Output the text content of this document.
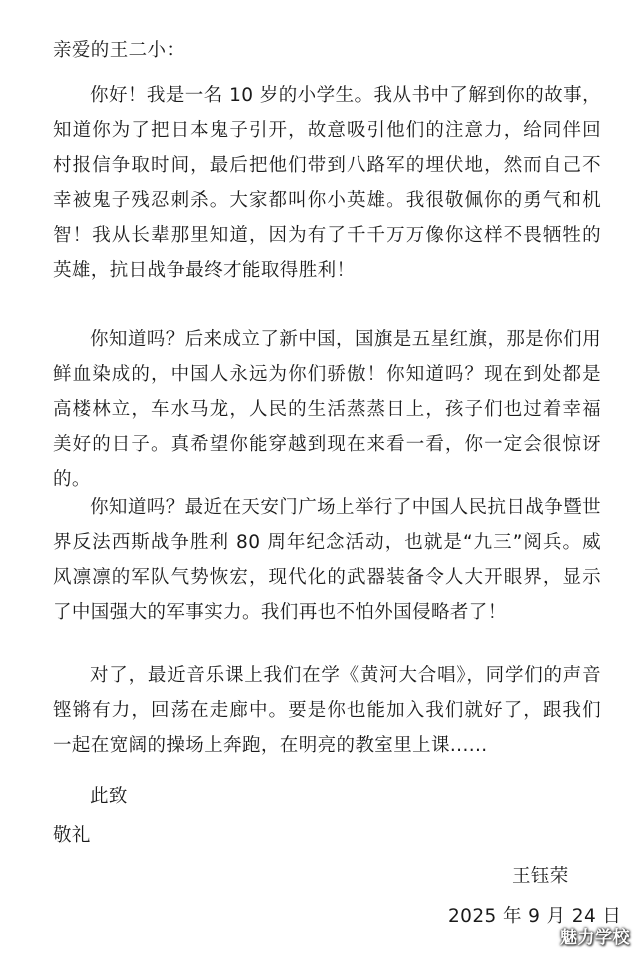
亲爱的王二小：
你好！我是一名 10 岁的小学生。我从书中了解到你的故事，知道你为了把日本鬼子引开，故意吸引他们的注意力，给同伴回村报信争取时间，最后把他们带到八路军的埋伏地，然而自己不幸被鬼子残忍刺杀。大家都叫你小英雄。我很敬佩你的勇气和机智！我从长辈那里知道，因为有了千千万万像你这样不畏牺牲的英雄，抗日战争最终才能取得胜利！
你知道吗？后来成立了新中国，国旗是五星红旗，那是你们用鲜血染成的，中国人永远为你们骄傲！你知道吗？现在到处都是高楼林立，车水马龙，人民的生活蒸蒸日上，孩子们也过着幸福美好的日子。真希望你能穿越到现在来看一看，你一定会很惊讶的。
你知道吗？最近在天安门广场上举行了中国人民抗日战争暨世界反法西斯战争胜利 80 周年纪念活动，也就是“九三”阅兵。威风凛凛的军队气势恢宏，现代化的武器装备令人大开眼界，显示了中国强大的军事实力。我们再也不怕外国侵略者了！
对了，最近音乐课上我们在学《黄河大合唱》，同学们的声音铿锵有力，回荡在走廊中。要是你也能加入我们就好了，跟我们一起在宽阔的操场上奔跑，在明亮的教室里上课......
此致
敬礼
王钰荣
2025 年 9 月 24 日
魅力学校
